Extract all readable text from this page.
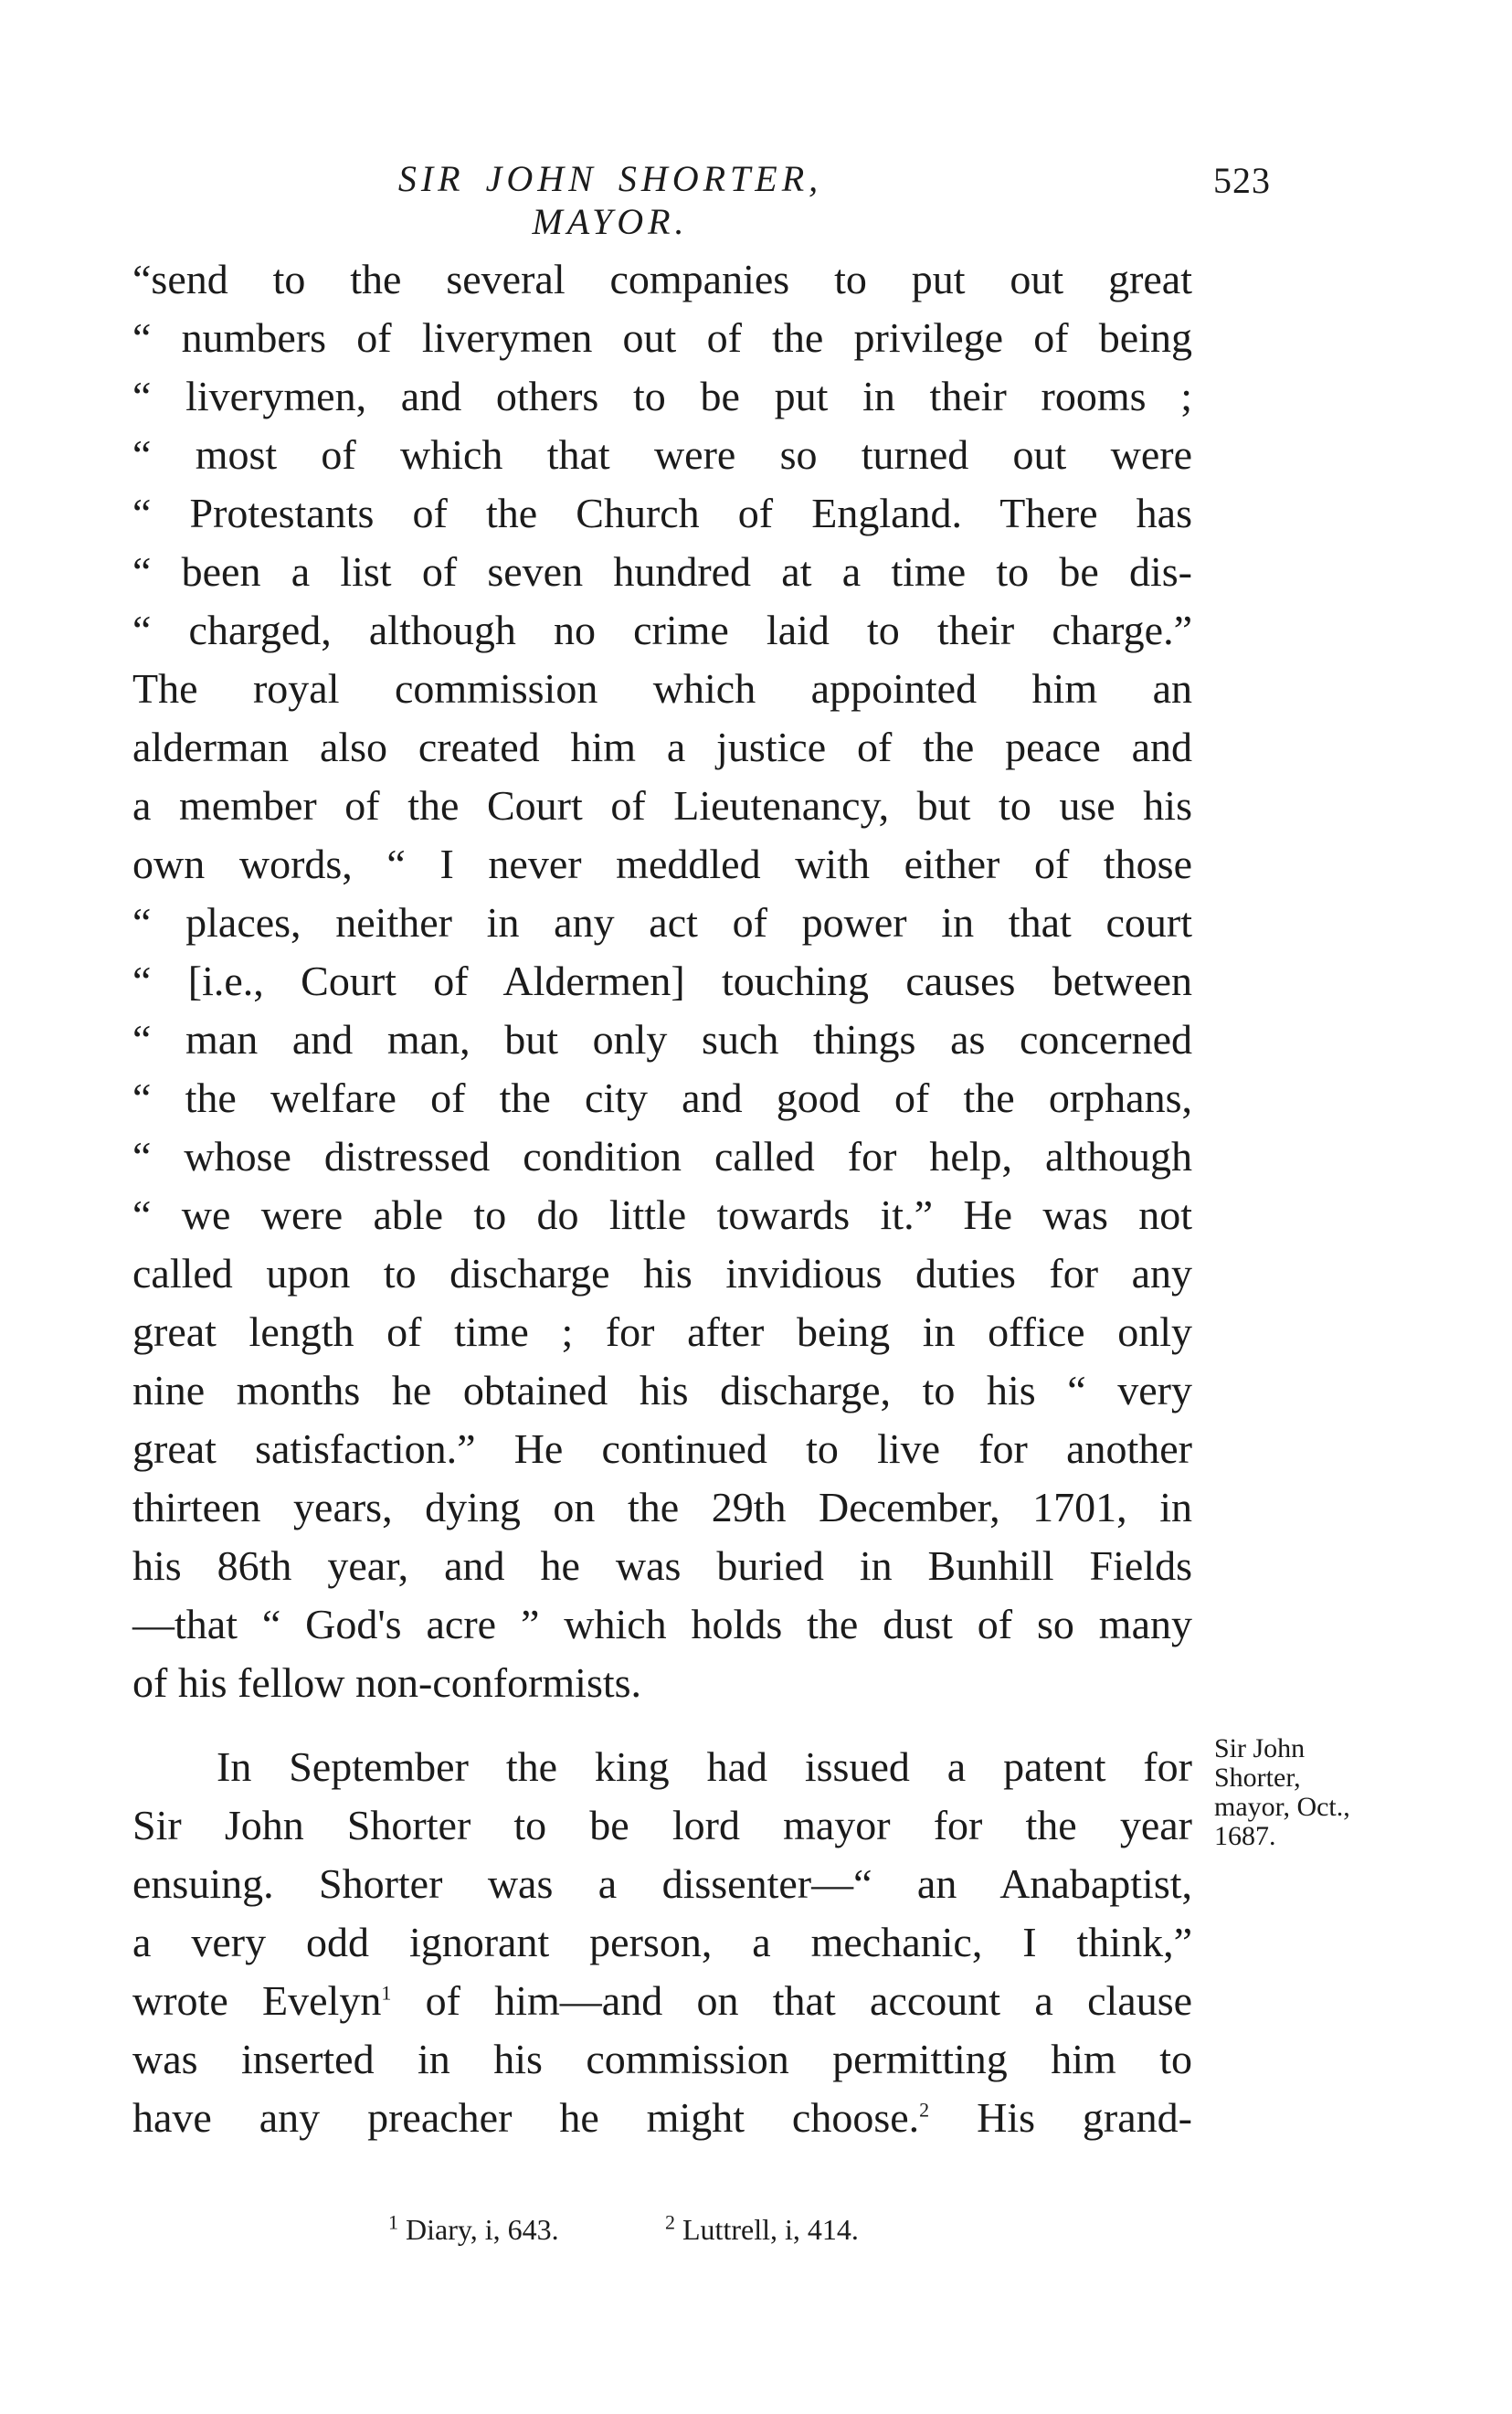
SIR JOHN SHORTER, MAYOR.
523
“send to the several companies to put out great
“ numbers of liverymen out of the privilege of being
“ liverymen, and others to be put in their rooms ;
“ most of which that were so turned out were
“ Protestants of the Church of England. There has
“ been a list of seven hundred at a time to be dis-
“ charged, although no crime laid to their charge.”
The royal commission which appointed him an
alderman also created him a justice of the peace and
a member of the Court of Lieutenancy, but to use his
own words, “ I never meddled with either of those
“ places, neither in any act of power in that court
“ [i.e., Court of Aldermen] touching causes between
“ man and man, but only such things as concerned
“ the welfare of the city and good of the orphans,
“ whose distressed condition called for help, although
“ we were able to do little towards it.” He was not
called upon to discharge his invidious duties for any
great length of time ; for after being in office only
nine months he obtained his discharge, to his “ very
great satisfaction.” He continued to live for another
thirteen years, dying on the 29th December, 1701, in
his 86th year, and he was buried in Bunhill Fields
—that “ God's acre ” which holds the dust of so many
of his fellow non-conformists.
In September the king had issued a patent for
Sir John Shorter to be lord mayor for the year
ensuing. Shorter was a dissenter—“ an Anabaptist,
a very odd ignorant person, a mechanic, I think,”
wrote Evelyn$^1$ of him—and on that account a clause
was inserted in his commission permitting him to
have any preacher he might choose.$^2$ His grand-
Sir John
Shorter,
mayor, Oct.,
1687.
$^1$ Diary, i, 643.	$^2$ Luttrell, i, 414.
